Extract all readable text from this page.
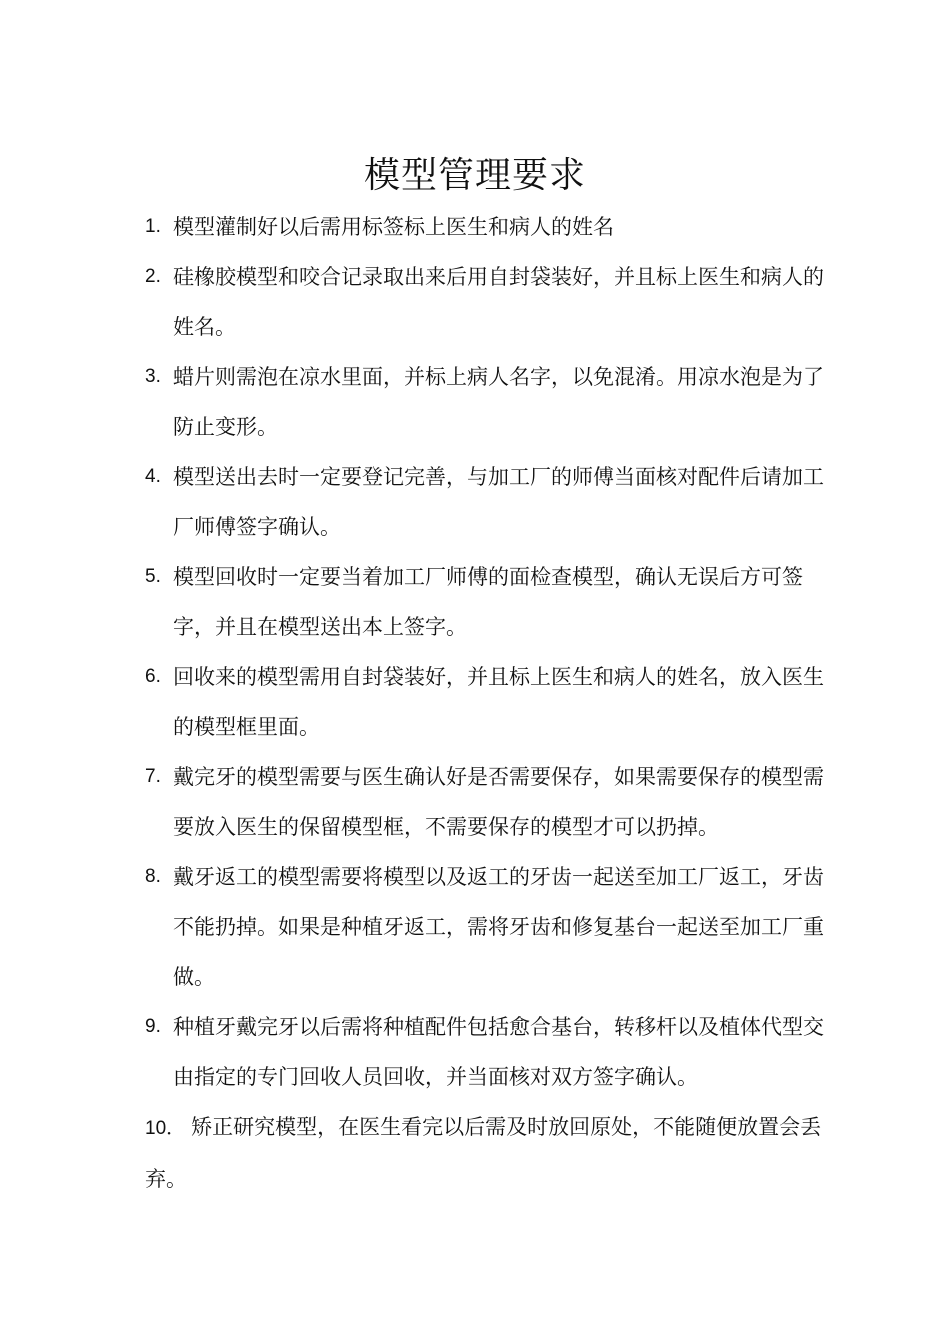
模型管理要求
1. 模型灌制好以后需用标签标上医生和病人的姓名
2. 硅橡胶模型和咬合记录取出来后用自封袋装好，并且标上医生和病人的姓名。
3. 蜡片则需泡在凉水里面，并标上病人名字，以免混淆。用凉水泡是为了防止变形。
4. 模型送出去时一定要登记完善，与加工厂的师傅当面核对配件后请加工厂师傅签字确认。
5. 模型回收时一定要当着加工厂师傅的面检查模型，确认无误后方可签字，并且在模型送出本上签字。
6. 回收来的模型需用自封袋装好，并且标上医生和病人的姓名，放入医生的模型框里面。
7. 戴完牙的模型需要与医生确认好是否需要保存，如果需要保存的模型需要放入医生的保留模型框，不需要保存的模型才可以扔掉。
8. 戴牙返工的模型需要将模型以及返工的牙齿一起送至加工厂返工，牙齿不能扔掉。如果是种植牙返工，需将牙齿和修复基台一起送至加工厂重做。
9. 种植牙戴完牙以后需将种植配件包括愈合基台，转移杆以及植体代型交由指定的专门回收人员回收，并当面核对双方签字确认。
10． 矫正研究模型，在医生看完以后需及时放回原处，不能随便放置会丢弃。
